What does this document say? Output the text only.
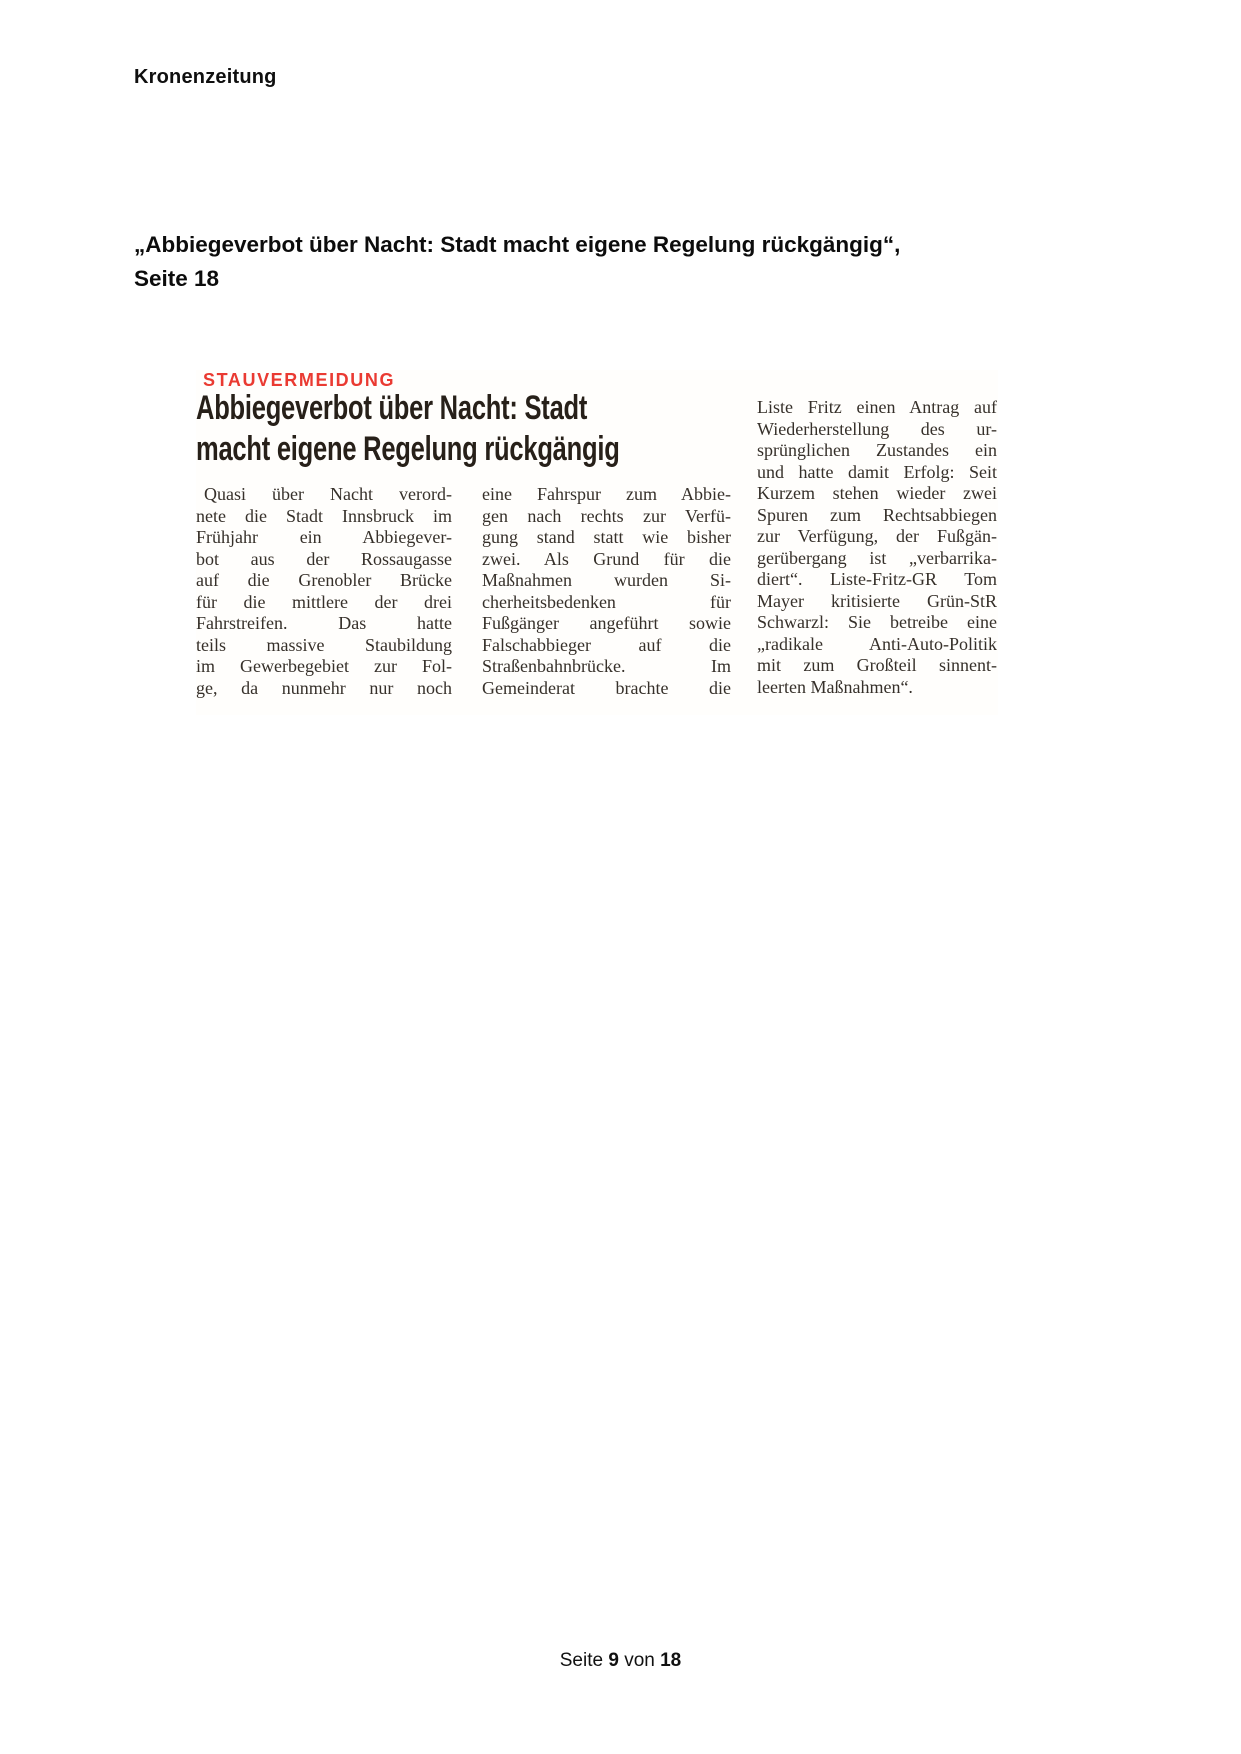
Kronenzeitung
„Abbiegeverbot über Nacht: Stadt macht eigene Regelung rückgängig“,
Seite 18
STAUVERMEIDUNG
Abbiegeverbot über Nacht: Stadt
macht eigene Regelung rückgängig
Quasi über Nacht verord-
nete die Stadt Innsbruck im
Frühjahr ein Abbiegever-
bot aus der Rossaugasse
auf die Grenobler Brücke
für die mittlere der drei
Fahrstreifen. Das hatte
teils massive Staubildung
im Gewerbegebiet zur Fol-
ge, da nunmehr nur noch
eine Fahrspur zum Abbie-
gen nach rechts zur Verfü-
gung stand statt wie bisher
zwei. Als Grund für die
Maßnahmen wurden Si-
cherheitsbedenken für
Fußgänger angeführt sowie
Falschabbieger auf die
Straßenbahnbrücke. Im
Gemeinderat brachte die
Liste Fritz einen Antrag auf
Wiederherstellung des ur-
sprünglichen Zustandes ein
und hatte damit Erfolg: Seit
Kurzem stehen wieder zwei
Spuren zum Rechtsabbiegen
zur Verfügung, der Fußgän-
gerübergang ist „verbarrika-
diert“. Liste-Fritz-GR Tom
Mayer kritisierte Grün-StR
Schwarzl: Sie betreibe eine
„radikale Anti-Auto-Politik
mit zum Großteil sinnent-
leerten Maßnahmen“.
Seite 9 von 18
